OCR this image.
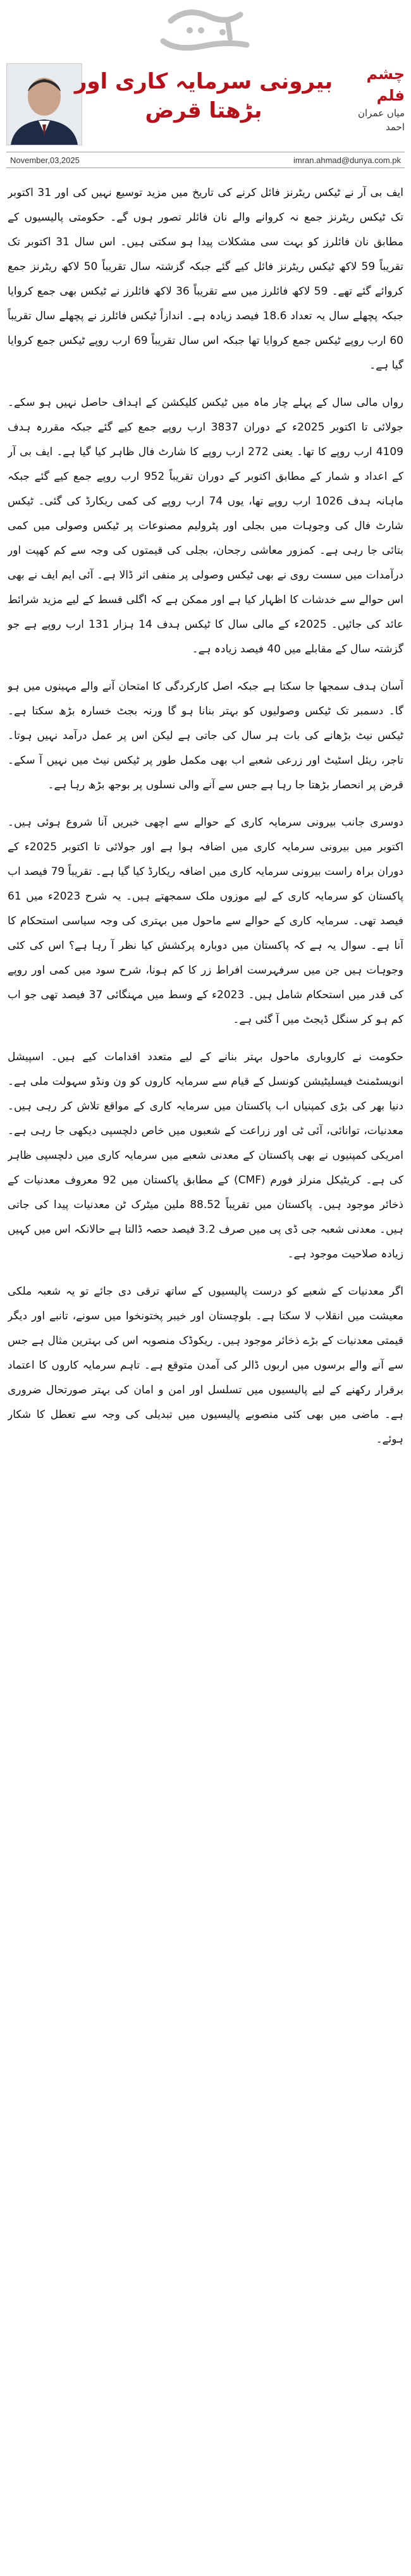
بیرونی سرمایہ کاری اور بڑھتا قرض
چشم فلم
میاں عمران احمد
November,03,2025	imran.ahmad@dunya.com.pk

ایف بی آر نے ٹیکس ریٹرنز فائل کرنے کی تاریخ میں مزید توسیع نہیں کی اور 31 اکتوبر تک ٹیکس ریٹرنز جمع نہ کروانے والے نان فائلر تصور ہوں گے۔ حکومتی پالیسیوں کے مطابق نان فائلرز کو بہت سی مشکلات پیدا ہو سکتی ہیں۔ اس سال 31 اکتوبر تک تقریباً 59 لاکھ ٹیکس ریٹرنز فائل کیے گئے جبکہ گزشتہ سال تقریباً 50 لاکھ ریٹرنز جمع کروائے گئے تھے۔ 59 لاکھ فائلرز میں سے تقریباً 36 لاکھ فائلرز نے ٹیکس بھی جمع کروایا جبکہ پچھلے سال یہ تعداد 18.6 فیصد زیادہ ہے۔ اندازاً ٹیکس فائلرز نے پچھلے سال تقریباً 60 ارب روپے ٹیکس جمع کروایا تھا جبکہ اس سال تقریباً 69 ارب روپے ٹیکس جمع کروایا گیا ہے۔

رواں مالی سال کے پہلے چار ماہ میں ٹیکس کلیکشن کے اہداف حاصل نہیں ہو سکے۔ جولائی تا اکتوبر 2025ء کے دوران 3837 ارب روپے جمع کیے گئے جبکہ مقررہ ہدف 4109 ارب روپے کا تھا۔ یعنی 272 ارب روپے کا شارٹ فال ظاہر کیا گیا ہے۔ ایف بی آر کے اعداد و شمار کے مطابق اکتوبر کے دوران تقریباً 952 ارب روپے جمع کیے گئے جبکہ ماہانہ ہدف 1026 ارب روپے تھا، یوں 74 ارب روپے کی کمی ریکارڈ کی گئی۔ ٹیکس شارٹ فال کی وجوہات میں بجلی اور پٹرولیم مصنوعات پر ٹیکس وصولی میں کمی بتائی جا رہی ہے۔ کمزور معاشی رجحان، بجلی کی قیمتوں کی وجہ سے کم کھپت اور درآمدات میں سست روی نے بھی ٹیکس وصولی پر منفی اثر ڈالا ہے۔ آئی ایم ایف نے بھی اس حوالے سے خدشات کا اظہار کیا ہے اور ممکن ہے کہ اگلی قسط کے لیے مزید شرائط عائد کی جائیں۔ 2025ء کے مالی سال کا ٹیکس ہدف 14 ہزار 131 ارب روپے ہے جو گزشتہ سال کے مقابلے میں 40 فیصد زیادہ ہے۔

آسان ہدف سمجھا جا سکتا ہے جبکہ اصل کارکردگی کا امتحان آنے والے مہینوں میں ہو گا۔ دسمبر تک ٹیکس وصولیوں کو بہتر بنانا ہو گا ورنہ بجٹ خسارہ بڑھ سکتا ہے۔ ٹیکس نیٹ بڑھانے کی بات ہر سال کی جاتی ہے لیکن اس پر عمل درآمد نہیں ہوتا۔ تاجر، ریئل اسٹیٹ اور زرعی شعبے اب بھی مکمل طور پر ٹیکس نیٹ میں نہیں آ سکے۔ قرض پر انحصار بڑھتا جا رہا ہے جس سے آنے والی نسلوں پر بوجھ بڑھ رہا ہے۔

دوسری جانب بیرونی سرمایہ کاری کے حوالے سے اچھی خبریں آنا شروع ہوئی ہیں۔ اکتوبر میں بیرونی سرمایہ کاری میں اضافہ ہوا ہے اور جولائی تا اکتوبر 2025ء کے دوران براہ راست بیرونی سرمایہ کاری میں اضافہ ریکارڈ کیا گیا ہے۔ تقریباً 79 فیصد اب پاکستان کو سرمایہ کاری کے لیے موزوں ملک سمجھتے ہیں۔ یہ شرح 2023ء میں 61 فیصد تھی۔ سرمایہ کاری کے حوالے سے ماحول میں بہتری کی وجہ سیاسی استحکام کا آنا ہے۔ سوال یہ ہے کہ پاکستان میں دوبارہ پرکشش کیا نظر آ رہا ہے؟ اس کی کئی وجوہات ہیں جن میں سرفہرست افراط زر کا کم ہونا، شرح سود میں کمی اور روپے کی قدر میں استحکام شامل ہیں۔ 2023ء کے وسط میں مہنگائی 37 فیصد تھی جو اب کم ہو کر سنگل ڈیجٹ میں آ گئی ہے۔

حکومت نے کاروباری ماحول بہتر بنانے کے لیے متعدد اقدامات کیے ہیں۔ اسپیشل انویسٹمنٹ فیسلیٹیشن کونسل کے قیام سے سرمایہ کاروں کو ون ونڈو سہولت ملی ہے۔ دنیا بھر کی بڑی کمپنیاں اب پاکستان میں سرمایہ کاری کے مواقع تلاش کر رہی ہیں۔ معدنیات، توانائی، آئی ٹی اور زراعت کے شعبوں میں خاص دلچسپی دیکھی جا رہی ہے۔ امریکی کمپنیوں نے بھی پاکستان کے معدنی شعبے میں سرمایہ کاری میں دلچسپی ظاہر کی ہے۔ کریٹیکل منرلز فورم (CMF) کے مطابق پاکستان میں 92 معروف معدنیات کے ذخائر موجود ہیں۔ پاکستان میں تقریباً 88.52 ملین میٹرک ٹن معدنیات پیدا کی جاتی ہیں۔ معدنی شعبہ جی ڈی پی میں صرف 3.2 فیصد حصہ ڈالتا ہے حالانکہ اس میں کہیں زیادہ صلاحیت موجود ہے۔

اگر معدنیات کے شعبے کو درست پالیسیوں کے ساتھ ترقی دی جائے تو یہ شعبہ ملکی معیشت میں انقلاب لا سکتا ہے۔ بلوچستان اور خیبر پختونخوا میں سونے، تانبے اور دیگر قیمتی معدنیات کے بڑے ذخائر موجود ہیں۔ ریکوڈک منصوبہ اس کی بہترین مثال ہے جس سے آنے والے برسوں میں اربوں ڈالر کی آمدن متوقع ہے۔ تاہم سرمایہ کاروں کا اعتماد برقرار رکھنے کے لیے پالیسیوں میں تسلسل اور امن و امان کی بہتر صورتحال ضروری ہے۔ ماضی میں بھی کئی منصوبے پالیسیوں میں تبدیلی کی وجہ سے تعطل کا شکار ہوئے۔
